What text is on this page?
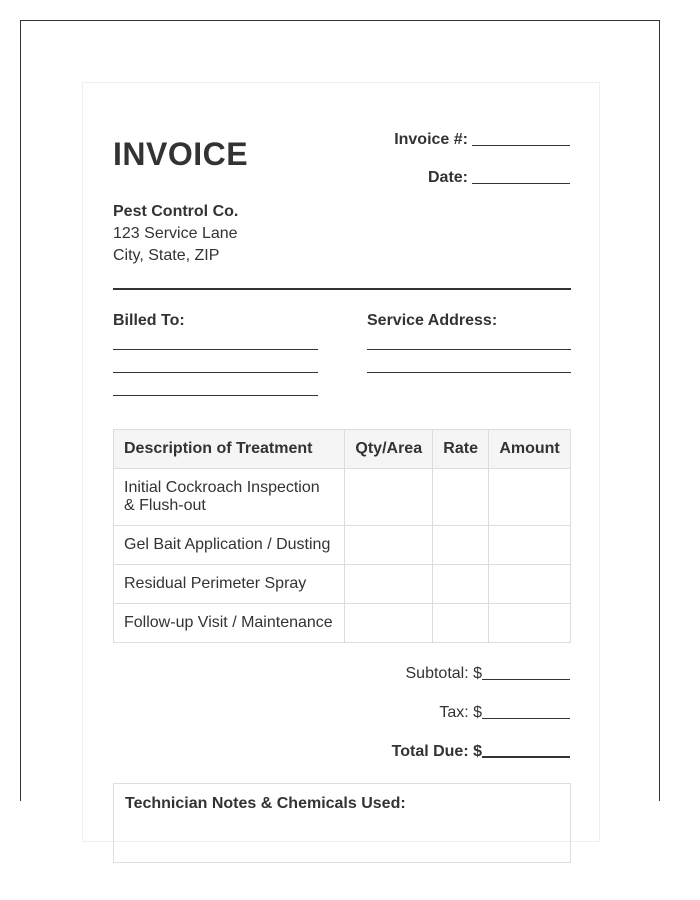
INVOICE	Invoice #:
Date:
Pest Control Co.
123 Service Lane
City, State, ZIP
Billed To:	Service Address:
Description of Treatment	Qty/Area	Rate	Amount
Initial Cockroach Inspection & Flush-out			
Gel Bait Application / Dusting			
Residual Perimeter Spray			
Follow-up Visit / Maintenance			
Subtotal: $
Tax: $
Total Due: $
Technician Notes & Chemicals Used:
